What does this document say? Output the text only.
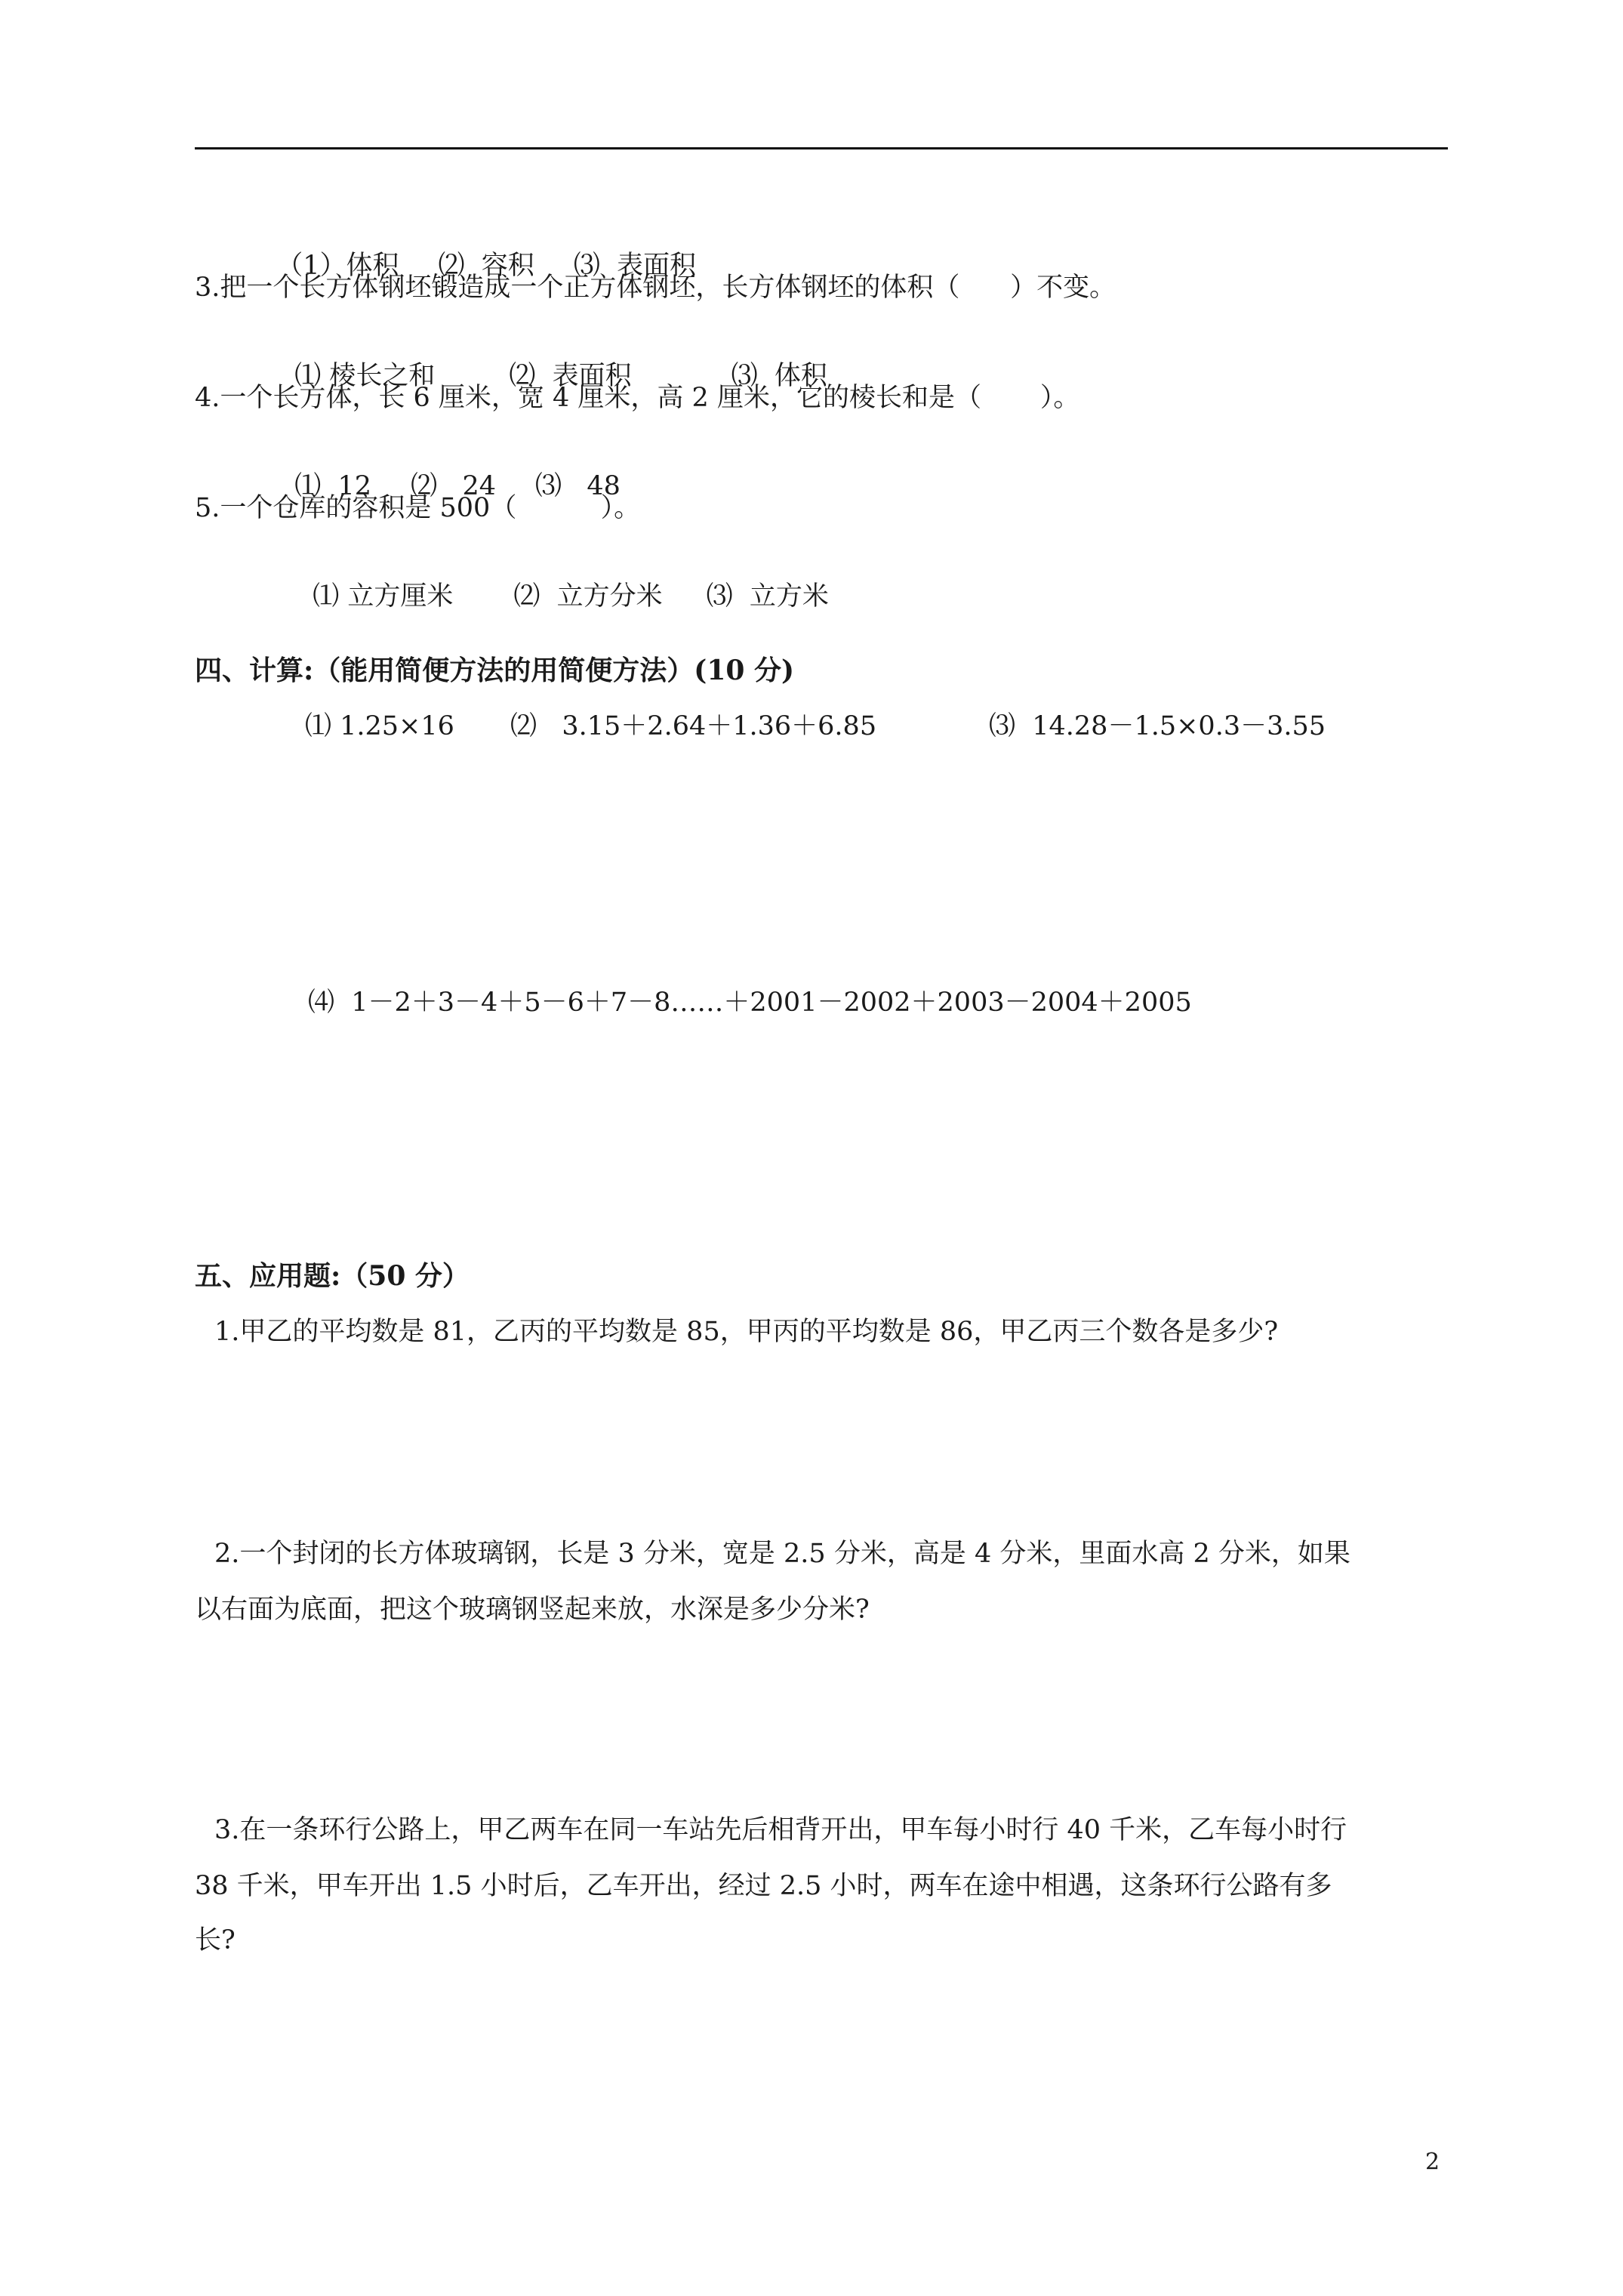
（1）体积 ⑵  容积 ⑶  表面积

3.把一个长方体钢坯锻造成一个正方体钢坯，长方体钢坯的体积（      ）不变。

⑴ 棱长之和	⑵  表面积	⑶  体积

4.一个长方体，长 6 厘米，宽 4 厘米，高 2 厘米，它的棱长和是（       ）。

⑴  12 ⑵   24 ⑶   48

5.一个仓库的容积是 500（          ）。

⑴ 立方厘米 ⑵  立方分米 ⑶  立方米

四、计算:（能用简便方法的用简便方法）(10 分)
⑴ 1.25×16 ⑵   3.15＋2.64＋1.36＋6.85	⑶  14.28－1.5×0.3－3.55
⑷  1－2＋3－4＋5－6＋7－8……＋2001－2002＋2003－2004＋2005
五、应用题:（50 分）
1.甲乙的平均数是 81，乙丙的平均数是 85，甲丙的平均数是 86，甲乙丙三个数各是多少?
2.一个封闭的长方体玻璃钢，长是 3 分米，宽是 2.5 分米，高是 4 分米，里面水高 2 分米，如果
以右面为底面，把这个玻璃钢竖起来放，水深是多少分米?
3.在一条环行公路上，甲乙两车在同一车站先后相背开出，甲车每小时行 40 千米，乙车每小时行
38 千米，甲车开出 1.5 小时后，乙车开出，经过 2.5 小时，两车在途中相遇，这条环行公路有多
长?
2
